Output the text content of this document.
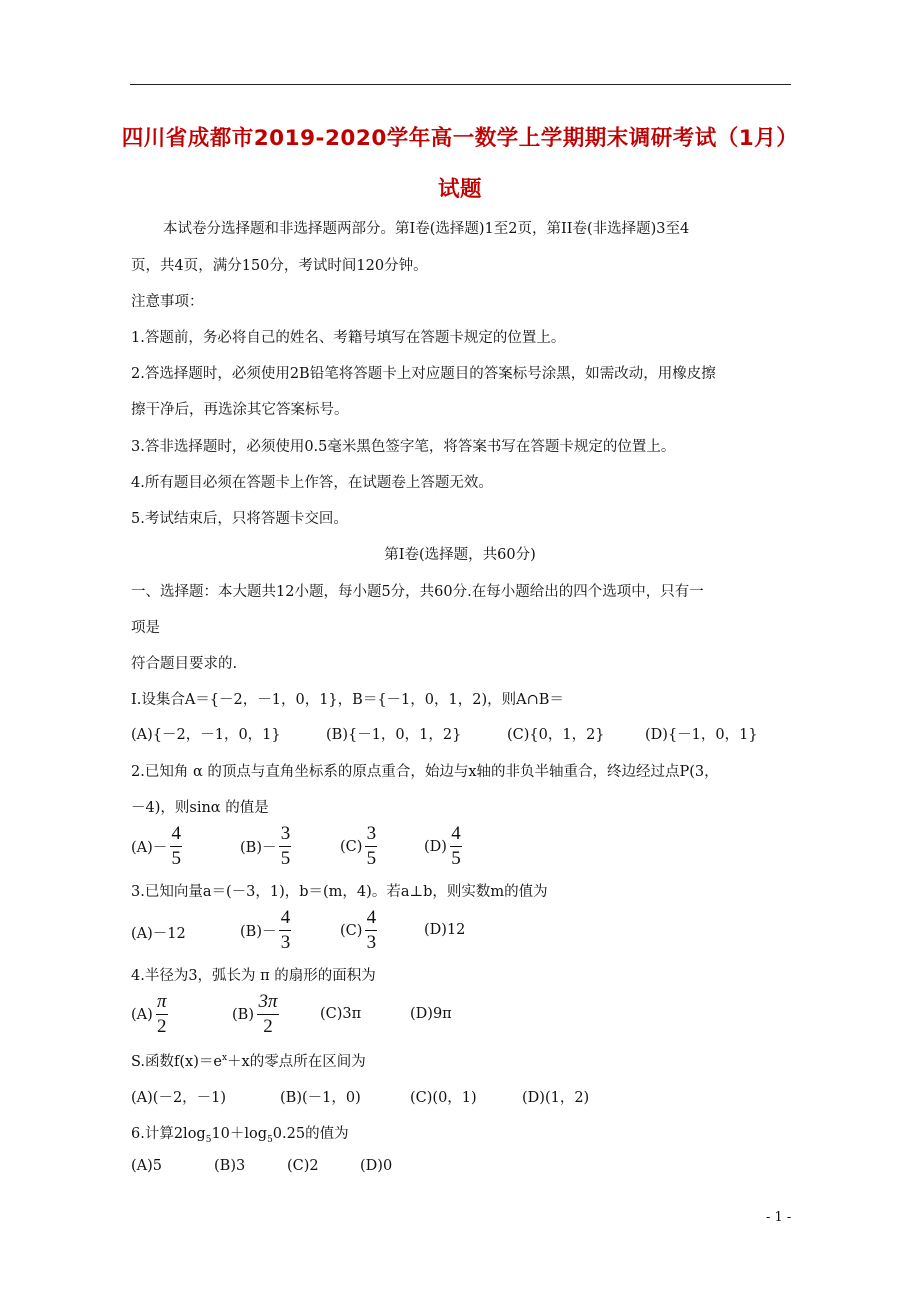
四川省成都市2019-2020学年高一数学上学期期末调研考试（1月）
试题
本试卷分选择题和非选择题两部分。第Ⅰ卷(选择题)1至2页，第II卷(非选择题)3至4
页，共4页，满分150分，考试时间120分钟。
注意事项：
1.答题前，务必将自己的姓名、考籍号填写在答题卡规定的位置上。
2.答选择题时，必须使用2B铅笔将答题卡上对应题目的答案标号涂黑，如需改动，用橡皮擦
擦干净后，再选涂其它答案标号。
3.答非选择题时，必须使用0.5毫米黑色签字笔，将答案书写在答题卡规定的位置上。
4.所有题目必须在答题卡上作答，在试题卷上答题无效。
5.考试结束后，只将答题卡交回。
第Ⅰ卷(选择题，共60分)
一、选择题：本大题共12小题，每小题5分，共60分.在每小题给出的四个选项中，只有一
项是
符合题目要求的.
I.设集合A＝{－2，－1，0，1}，B＝{－1，0，1，2)，则A∩B＝
(A){－2，－1，0，1}	(B){－1，0，1，2}	(C){0，1，2}	(D){－1，0，1}
2.已知角 α 的顶点与直角坐标系的原点重合，始边与x轴的非负半轴重合，终边经过点P(3，
－4)，则sinα 的值是
$(A)- \frac{4}{5}$	$(B)- \frac{3}{5}$	$(C) \frac{3}{5}$	$(D) \frac{4}{5}$
3.已知向量a＝(－3，1)，b＝(m，4)。若a⊥b，则实数m的值为
(A)－12	$(B)- \frac{4}{3}$	$(C) \frac{4}{3}$	(D)12
4.半径为3，弧长为 π 的扇形的面积为
$(A) \frac{\pi}{2}$	$(B) \frac{3\pi}{2}$	(C)3π	(D)9π
S.函数$f(x)=e^x+x$的零点所在区间为
(A)(－2，－1)	(B)(－1，0)	(C)(0，1)	(D)(1，2)
6.计算$2\log_510+\log_50.25$的值为
(A)5	(B)3	(C)2	(D)0
- 1 -
